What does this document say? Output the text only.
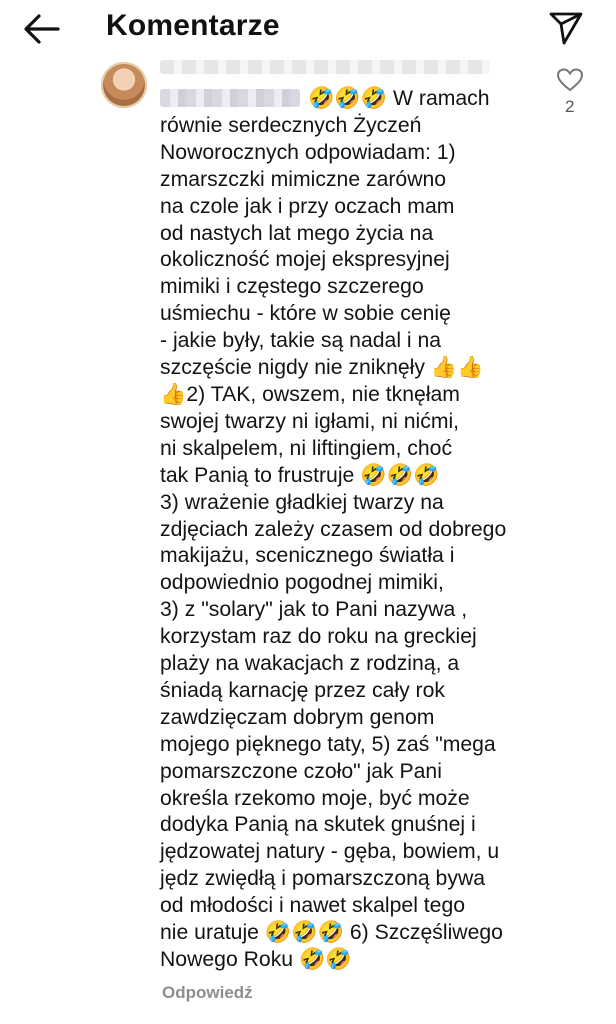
Komentarze
🤣🤣🤣 W ramach
równie serdecznych Życzeń
Noworocznych odpowiadam: 1)
zmarszczki mimiczne zarówno
na czole jak i przy oczach mam
od nastych lat mego życia na
okoliczność mojej ekspresyjnej
mimiki i częstego szczerego
uśmiechu - które w sobie cenię
- jakie były, takie są nadal i na
szczęście nigdy nie zniknęły 👍👍
👍2) TAK, owszem, nie tknęłam
swojej twarzy ni igłami, ni nićmi,
ni skalpelem, ni liftingiem, choć
tak Panią to frustruje 🤣🤣🤣
3) wrażenie gładkiej twarzy na
zdjęciach zależy czasem od dobrego
makijażu, scenicznego światła i
odpowiednio pogodnej mimiki,
3) z "solary" jak to Pani nazywa ,
korzystam raz do roku na greckiej
plaży na wakacjach z rodziną, a
śniadą karnację przez cały rok
zawdzięczam dobrym genom
mojego pięknego taty, 5) zaś "mega
pomarszczone czoło" jak Pani
określa rzekomo moje, być może
dodyka Panią na skutek gnuśnej i
jędzowatej natury - gęba, bowiem, u
jędz zwiędłą i pomarszczoną bywa
od młodości i nawet skalpel tego
nie uratuje 🤣🤣🤣 6) Szczęśliwego
Nowego Roku 🤣🤣
2
Odpowiedź
